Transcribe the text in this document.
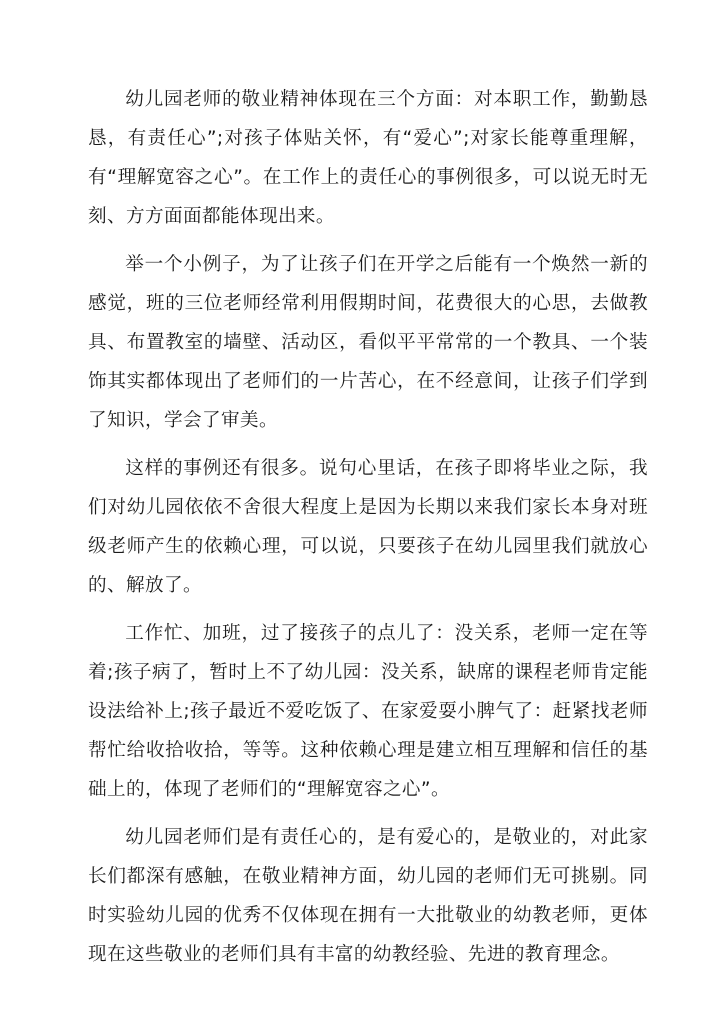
幼儿园老师的敬业精神体现在三个方面：对本职工作，勤勤恳恳，有责任心”;对孩子体贴关怀，有“爱心”;对家长能尊重理解，有“理解宽容之心”。在工作上的责任心的事例很多，可以说无时无刻、方方面面都能体现出来。

举一个小例子，为了让孩子们在开学之后能有一个焕然一新的感觉，班的三位老师经常利用假期时间，花费很大的心思，去做教具、布置教室的墙壁、活动区，看似平平常常的一个教具、一个装饰其实都体现出了老师们的一片苦心，在不经意间，让孩子们学到了知识，学会了审美。

这样的事例还有很多。说句心里话，在孩子即将毕业之际，我们对幼儿园依依不舍很大程度上是因为长期以来我们家长本身对班级老师产生的依赖心理，可以说，只要孩子在幼儿园里我们就放心的、解放了。

工作忙、加班，过了接孩子的点儿了：没关系，老师一定在等着;孩子病了，暂时上不了幼儿园：没关系，缺席的课程老师肯定能设法给补上;孩子最近不爱吃饭了、在家爱耍小脾气了：赶紧找老师帮忙给收拾收拾，等等。这种依赖心理是建立相互理解和信任的基础上的，体现了老师们的“理解宽容之心”。

幼儿园老师们是有责任心的，是有爱心的，是敬业的，对此家长们都深有感触，在敬业精神方面，幼儿园的老师们无可挑剔。同时实验幼儿园的优秀不仅体现在拥有一大批敬业的幼教老师，更体现在这些敬业的老师们具有丰富的幼教经验、先进的教育理念。
